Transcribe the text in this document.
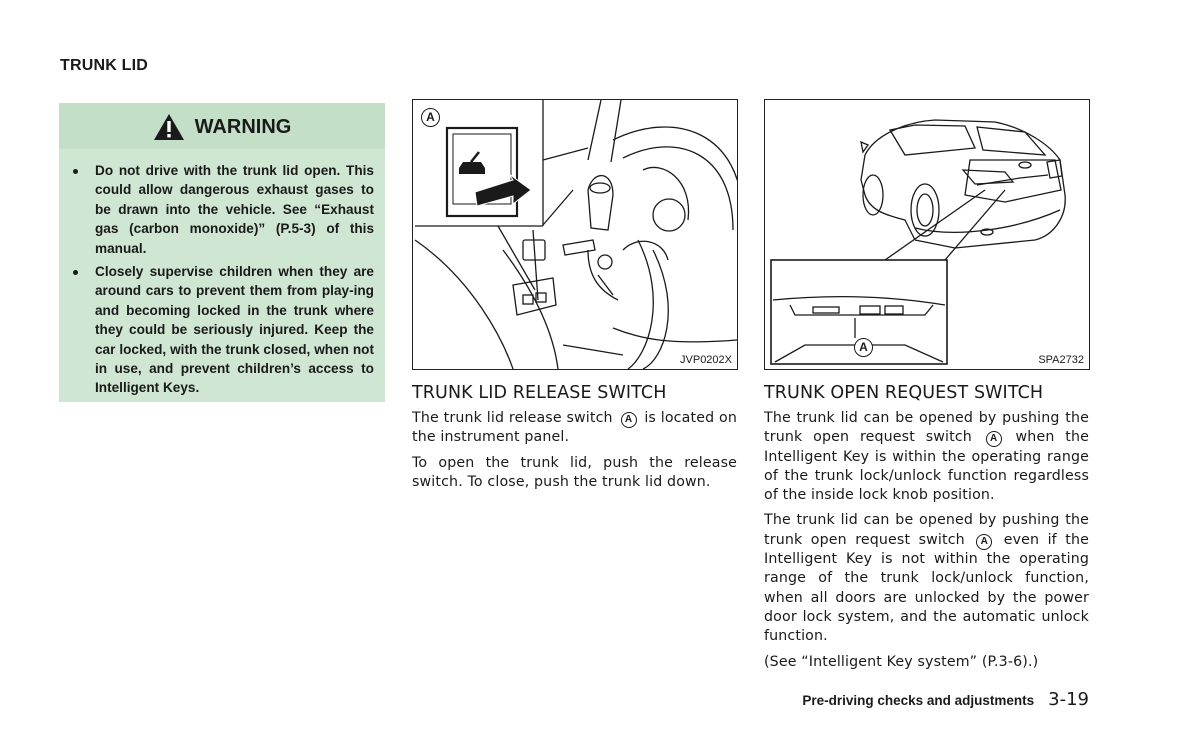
TRUNK LID
WARNING
Do not drive with the trunk lid open. This could allow dangerous exhaust gases to be drawn into the vehicle. See “Exhaust gas (carbon monoxide)” (P.5-3) of this manual.
Closely supervise children when they are around cars to prevent them from play-ing and becoming locked in the trunk where they could be seriously injured. Keep the car locked, with the trunk closed, when not in use, and prevent children’s access to Intelligent Keys.
A
JVP0202X
A
SPA2732
TRUNK LID RELEASE SWITCH

The trunk lid release switch A is located on the instrument panel.

To open the trunk lid, push the release switch. To close, push the trunk lid down.

TRUNK OPEN REQUEST SWITCH

The trunk lid can be opened by pushing the trunk open request switch A when the Intelligent Key is within the operating range of the trunk lock/unlock function regardless of the inside lock knob position.

The trunk lid can be opened by pushing the trunk open request switch A even if the Intelligent Key is not within the operating range of the trunk lock/unlock function, when all doors are unlocked by the power door lock system, and the automatic unlock function.

(See “Intelligent Key system” (P.3-6).)

Pre-driving checks and adjustments 3-19
